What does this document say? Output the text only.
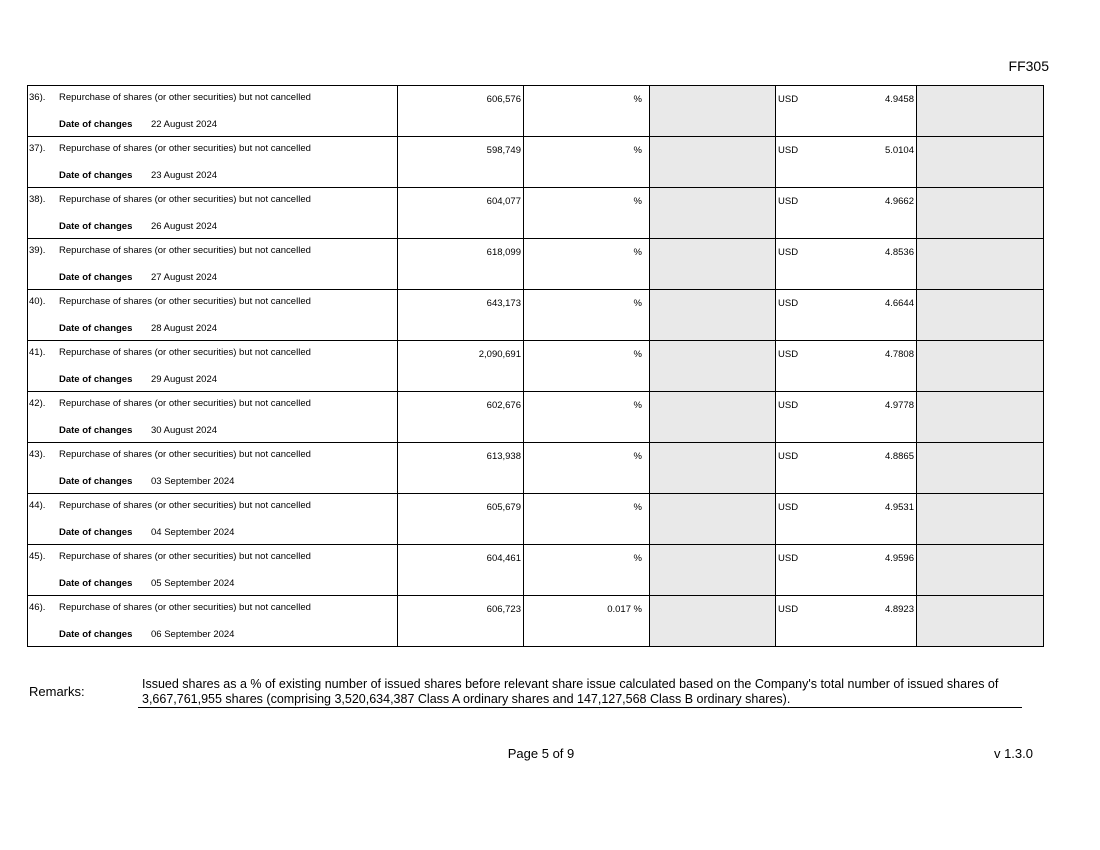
FF305
36). Repurchase of shares (or other securities) but not cancelled
Date of changes 22 August 2024	606,576	%		USD 4.9458	

37). Repurchase of shares (or other securities) but not cancelled
Date of changes 23 August 2024	598,749	%		USD 5.0104	

38). Repurchase of shares (or other securities) but not cancelled
Date of changes 26 August 2024	604,077	%		USD 4.9662	

39). Repurchase of shares (or other securities) but not cancelled
Date of changes 27 August 2024	618,099	%		USD 4.8536	

40). Repurchase of shares (or other securities) but not cancelled
Date of changes 28 August 2024	643,173	%		USD 4.6644	

41). Repurchase of shares (or other securities) but not cancelled
Date of changes 29 August 2024	2,090,691	%		USD 4.7808	

42). Repurchase of shares (or other securities) but not cancelled
Date of changes 30 August 2024	602,676	%		USD 4.9778	

43). Repurchase of shares (or other securities) but not cancelled
Date of changes 03 September 2024	613,938	%		USD 4.8865	

44). Repurchase of shares (or other securities) but not cancelled
Date of changes 04 September 2024	605,679	%		USD 4.9531	

45). Repurchase of shares (or other securities) but not cancelled
Date of changes 05 September 2024	604,461	%		USD 4.9596	

46). Repurchase of shares (or other securities) but not cancelled
Date of changes 06 September 2024	606,723	0.017 %		USD 4.8923	

Remarks:	Issued shares as a % of existing number of issued shares before relevant share issue calculated based on the Company's total number of issued shares of 3,667,761,955 shares (comprising 3,520,634,387 Class A ordinary shares and 147,127,568 Class B ordinary shares).
Page 5 of 9	v 1.3.0
